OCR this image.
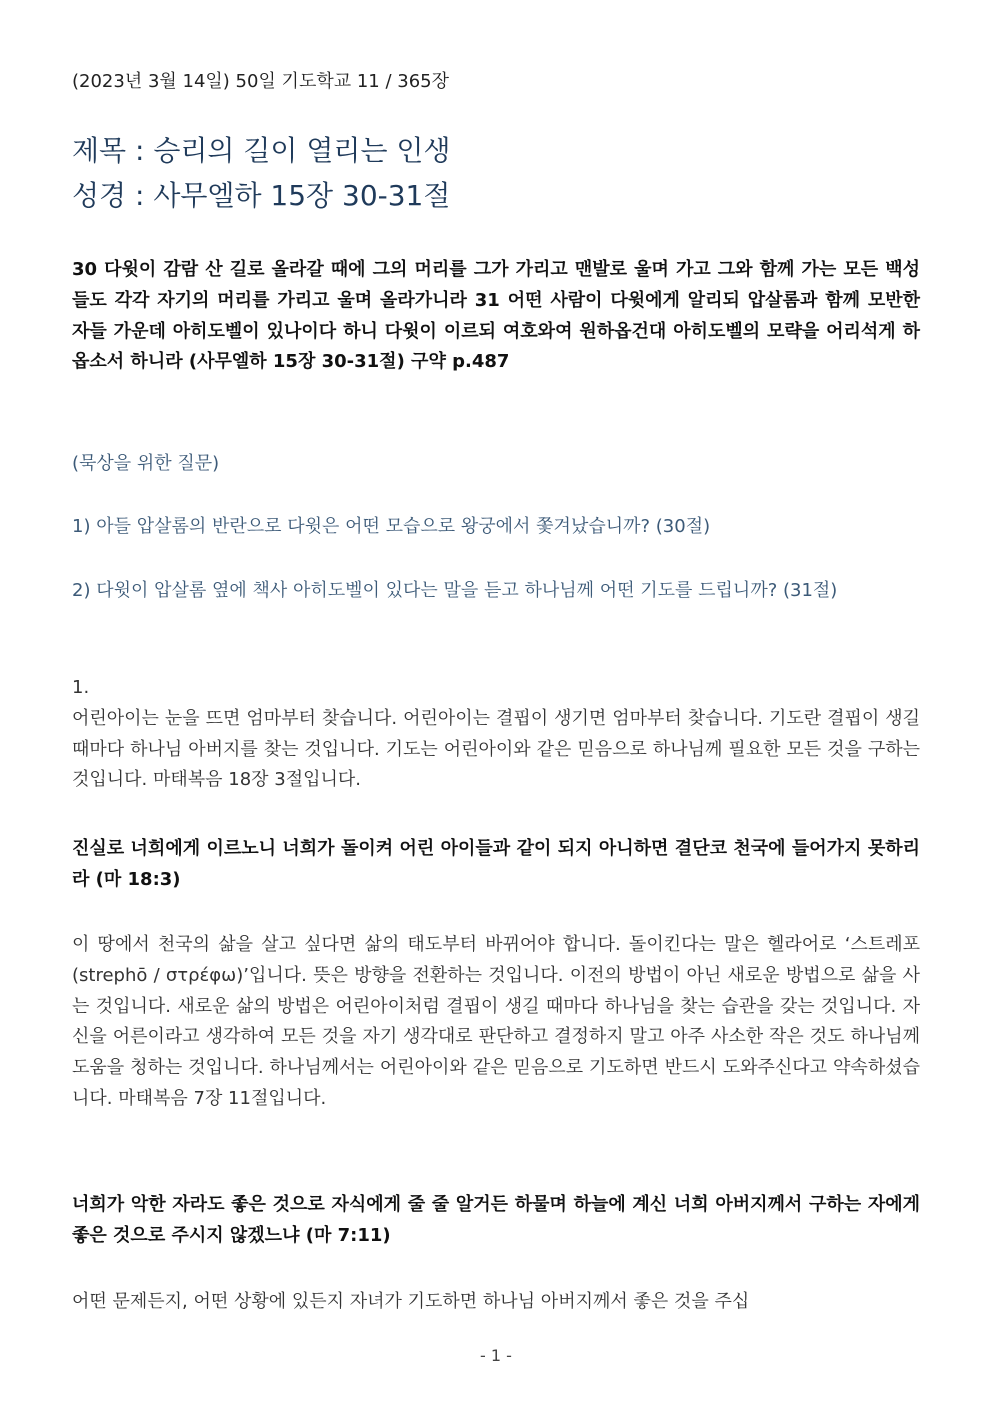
(2023년 3월 14일) 50일 기도학교 11 / 365장
제목 : 승리의 길이 열리는 인생
성경 : 사무엘하 15장 30-31절

30 다윗이 감람 산 길로 올라갈 때에 그의 머리를 그가 가리고 맨발로 울며 가고 그와 함께 가는 모든 백성들도 각각 자기의 머리를 가리고 울며 올라가니라 31 어떤 사람이 다윗에게 알리되 압살롬과 함께 모반한 자들 가운데 아히도벨이 있나이다 하니 다윗이 이르되 여호와여 원하옵건대 아히도벨의 모략을 어리석게 하옵소서 하니라 (사무엘하 15장 30-31절) 구약 p.487

(묵상을 위한 질문)

1) 아들 압살롬의 반란으로 다윗은 어떤 모습으로 왕궁에서 쫓겨났습니까? (30절)

2) 다윗이 압살롬 옆에 책사 아히도벨이 있다는 말을 듣고 하나님께 어떤 기도를 드립니까? (31절)

1.
어린아이는 눈을 뜨면 엄마부터 찾습니다. 어린아이는 결핍이 생기면 엄마부터 찾습니다. 기도란 결핍이 생길 때마다 하나님 아버지를 찾는 것입니다. 기도는 어린아이와 같은 믿음으로 하나님께 필요한 모든 것을 구하는 것입니다. 마태복음 18장 3절입니다.

진실로 너희에게 이르노니 너희가 돌이켜 어린 아이들과 같이 되지 아니하면 결단코 천국에 들어가지 못하리라 (마 18:3)

이 땅에서 천국의 삶을 살고 싶다면 삶의 태도부터 바뀌어야 합니다. 돌이킨다는 말은 헬라어로 ‘스트레포(strephō / στρέφω)’입니다. 뜻은 방향을 전환하는 것입니다. 이전의 방법이 아닌 새로운 방법으로 삶을 사는 것입니다. 새로운 삶의 방법은 어린아이처럼 결핍이 생길 때마다 하나님을 찾는 습관을 갖는 것입니다. 자신을 어른이라고 생각하여 모든 것을 자기 생각대로 판단하고 결정하지 말고 아주 사소한 작은 것도 하나님께 도움을 청하는 것입니다. 하나님께서는 어린아이와 같은 믿음으로 기도하면 반드시 도와주신다고 약속하셨습니다. 마태복음 7장 11절입니다.

너희가 악한 자라도 좋은 것으로 자식에게 줄 줄 알거든 하물며 하늘에 계신 너희 아버지께서 구하는 자에게 좋은 것으로 주시지 않겠느냐 (마 7:11)

어떤 문제든지, 어떤 상황에 있든지 자녀가 기도하면 하나님 아버지께서 좋은 것을 주십

- 1 -
